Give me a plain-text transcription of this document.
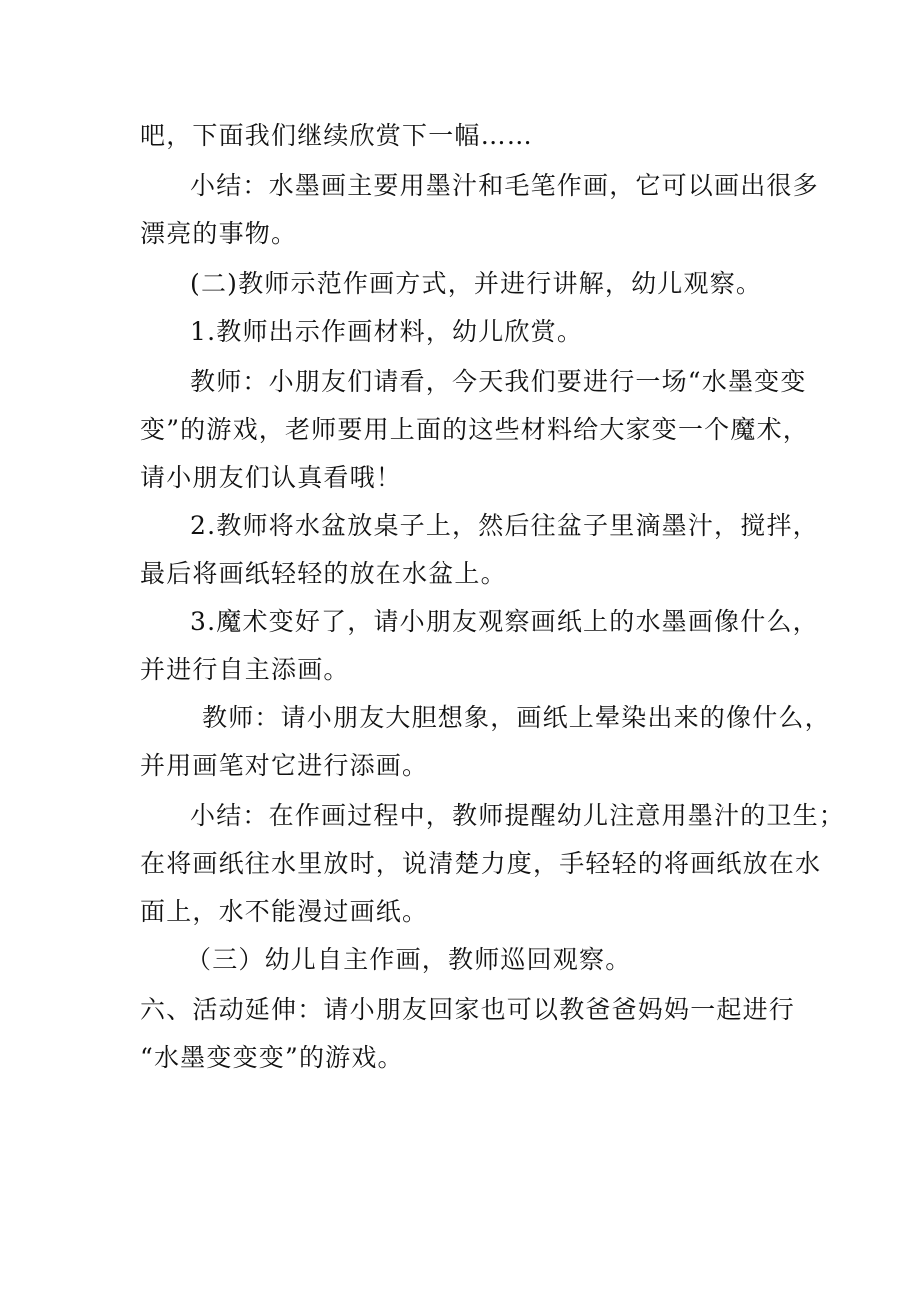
吧，下面我们继续欣赏下一幅……
小结：水墨画主要用墨汁和毛笔作画，它可以画出很多
漂亮的事物。
(二)教师示范作画方式，并进行讲解，幼儿观察。
1.教师出示作画材料，幼儿欣赏。
教师：小朋友们请看，今天我们要进行一场“水墨变变
变”的游戏，老师要用上面的这些材料给大家变一个魔术，
请小朋友们认真看哦！
2.教师将水盆放桌子上，然后往盆子里滴墨汁，搅拌，
最后将画纸轻轻的放在水盆上。
3.魔术变好了，请小朋友观察画纸上的水墨画像什么，
并进行自主添画。
教师：请小朋友大胆想象，画纸上晕染出来的像什么，
并用画笔对它进行添画。
小结：在作画过程中，教师提醒幼儿注意用墨汁的卫生；
在将画纸往水里放时，说清楚力度，手轻轻的将画纸放在水
面上，水不能漫过画纸。
（三）幼儿自主作画，教师巡回观察。
六、活动延伸：请小朋友回家也可以教爸爸妈妈一起进行
“水墨变变变”的游戏。
